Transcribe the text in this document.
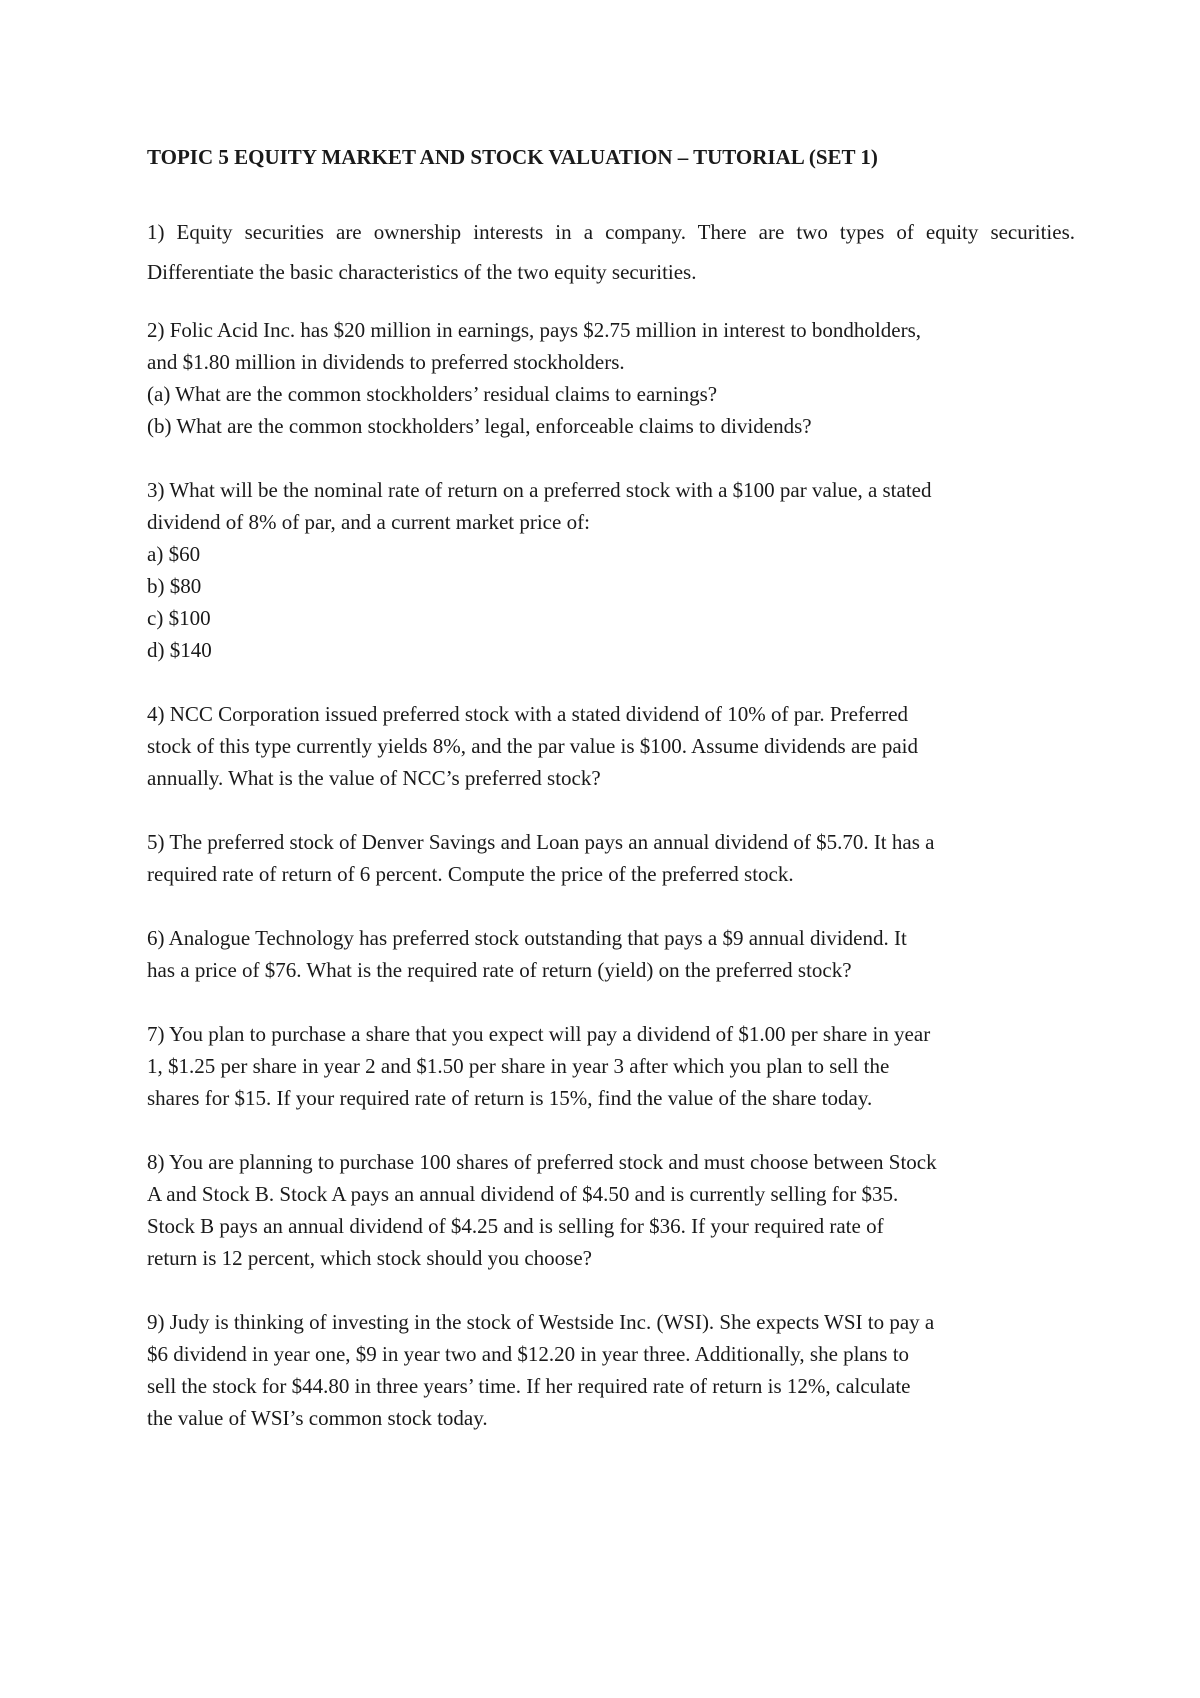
TOPIC 5 EQUITY MARKET AND STOCK VALUATION – TUTORIAL (SET 1)

1) Equity securities are ownership interests in a company. There are two types of equity securities. Differentiate the basic characteristics of the two equity securities.

2) Folic Acid Inc. has $20 million in earnings, pays $2.75 million in interest to bondholders,
and $1.80 million in dividends to preferred stockholders.
(a) What are the common stockholders’ residual claims to earnings?
(b) What are the common stockholders’ legal, enforceable claims to dividends?
3) What will be the nominal rate of return on a preferred stock with a $100 par value, a stated
dividend of 8% of par, and a current market price of:
a) $60
b) $80
c) $100
d) $140
4) NCC Corporation issued preferred stock with a stated dividend of 10% of par. Preferred
stock of this type currently yields 8%, and the par value is $100. Assume dividends are paid
annually. What is the value of NCC’s preferred stock?
5) The preferred stock of Denver Savings and Loan pays an annual dividend of $5.70. It has a
required rate of return of 6 percent. Compute the price of the preferred stock.
6) Analogue Technology has preferred stock outstanding that pays a $9 annual dividend. It
has a price of $76. What is the required rate of return (yield) on the preferred stock?
7) You plan to purchase a share that you expect will pay a dividend of $1.00 per share in year
1, $1.25 per share in year 2 and $1.50 per share in year 3 after which you plan to sell the
shares for $15. If your required rate of return is 15%, find the value of the share today.
8) You are planning to purchase 100 shares of preferred stock and must choose between Stock
A and Stock B. Stock A pays an annual dividend of $4.50 and is currently selling for $35.
Stock B pays an annual dividend of $4.25 and is selling for $36. If your required rate of
return is 12 percent, which stock should you choose?
9) Judy is thinking of investing in the stock of Westside Inc. (WSI). She expects WSI to pay a
$6 dividend in year one, $9 in year two and $12.20 in year three. Additionally, she plans to
sell the stock for $44.80 in three years’ time. If her required rate of return is 12%, calculate
the value of WSI’s common stock today.
